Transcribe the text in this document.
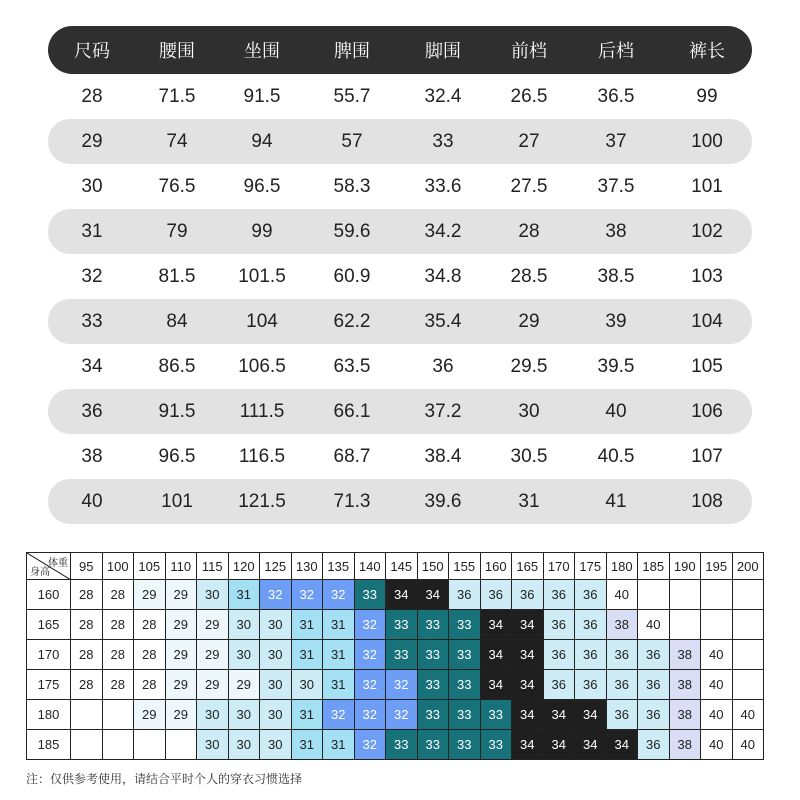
尺码	腰围	坐围	脾围	脚围	前档	后档	裤长
28	71.5	91.5	55.7	32.4	26.5	36.5	99
29	74	94	57	33	27	37	100
30	76.5	96.5	58.3	33.6	27.5	37.5	101
31	79	99	59.6	34.2	28	38	102
32	81.5	101.5	60.9	34.8	28.5	38.5	103
33	84	104	62.2	35.4	29	39	104
34	86.5	106.5	63.5	36	29.5	39.5	105
36	91.5	111.5	66.1	37.2	30	40	106
38	96.5	116.5	68.7	38.4	30.5	40.5	107
40	101	121.5	71.3	39.6	31	41	108
体重
身高	95	100	105	110	115	120	125	130	135	140	145	150	155	160	165	170	175	180	185	190	195	200
160	28	28	29	29	30	31	32	32	32	33	34	34	36	36	36	36	36	40				
165	28	28	28	29	29	30	30	31	31	32	33	33	33	34	34	36	36	38	40			
170	28	28	28	29	29	30	30	31	31	32	33	33	33	34	34	36	36	36	36	38	40	
175	28	28	28	29	29	29	30	30	31	32	32	33	33	34	34	36	36	36	36	38	40	
180			29	29	30	30	30	31	32	32	32	33	33	33	34	34	34	36	36	38	40	40
185					30	30	30	31	31	32	33	33	33	33	34	34	34	34	36	38	40	40
注：仅供参考使用，请结合平时个人的穿衣习惯选择
